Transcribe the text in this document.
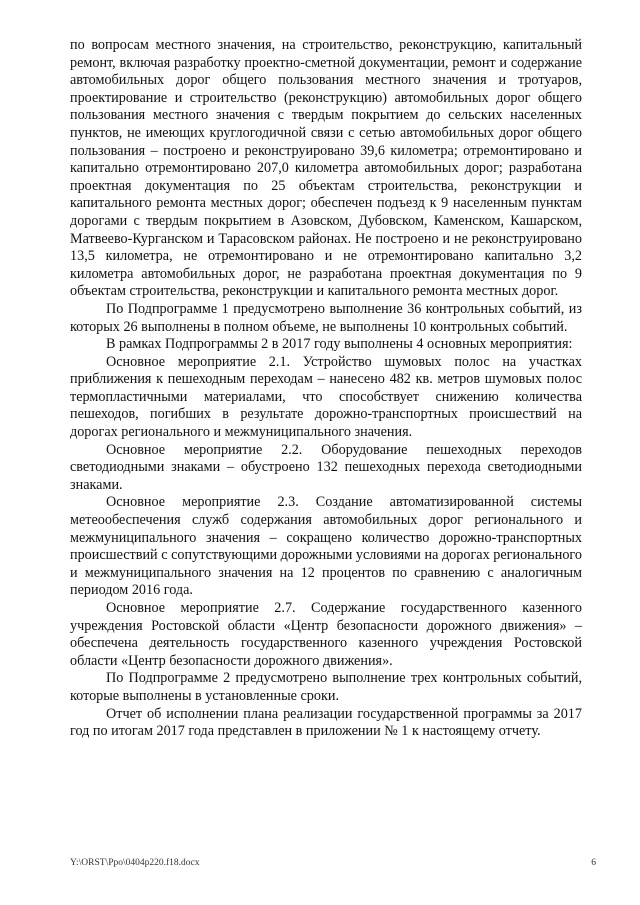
по вопросам местного значения, на строительство, реконструкцию, капитальный ремонт, включая разработку проектно-сметной документации, ремонт и содержание автомобильных дорог общего пользования местного значения и тротуаров, проектирование и строительство (реконструкцию) автомобильных дорог общего пользования местного значения с твердым покрытием до сельских населенных пунктов, не имеющих круглогодичной связи с сетью автомобильных дорог общего пользования – построено и реконструировано 39,6 километра; отремонтировано и капитально отремонтировано 207,0 километра автомобильных дорог; разработана проектная документация по 25 объектам строительства, реконструкции и капитального ремонта местных дорог; обеспечен подъезд к 9 населенным пунктам дорогами с твердым покрытием в Азовском, Дубовском, Каменском, Кашарском, Матвеево-Курганском и Тарасовском районах. Не построено и не реконструировано 13,5 километра, не отремонтировано и не отремонтировано капитально 3,2 километра автомобильных дорог, не разработана проектная документация по 9 объектам строительства, реконструкции и капитального ремонта местных дорог.

По Подпрограмме 1 предусмотрено выполнение 36 контрольных событий, из которых 26 выполнены в полном объеме, не выполнены 10 контрольных событий.

В рамках Подпрограммы 2 в 2017 году выполнены 4 основных мероприятия:

Основное мероприятие 2.1. Устройство шумовых полос на участках приближения к пешеходным переходам – нанесено 482 кв. метров шумовых полос термопластичными материалами, что способствует снижению количества пешеходов, погибших в результате дорожно-транспортных происшествий на дорогах регионального и межмуниципального значения.

Основное мероприятие 2.2. Оборудование пешеходных переходов светодиодными знаками – обустроено 132 пешеходных перехода светодиодными знаками.

Основное мероприятие 2.3. Создание автоматизированной системы метеообеспечения служб содержания автомобильных дорог регионального и межмуниципального значения – сокращено количество дорожно-транспортных происшествий с сопутствующими дорожными условиями на дорогах регионального и межмуниципального значения на 12 процентов по сравнению с аналогичным периодом 2016 года.

Основное мероприятие 2.7. Содержание государственного казенного учреждения Ростовской области «Центр безопасности дорожного движения» – обеспечена деятельность государственного казенного учреждения Ростовской области «Центр безопасности дорожного движения».

По Подпрограмме 2 предусмотрено выполнение трех контрольных событий, которые выполнены в установленные сроки.

Отчет об исполнении плана реализации государственной программы за 2017 год по итогам 2017 года представлен в приложении № 1 к настоящему отчету.

Y:\ORST\Ppo\0404p220.f18.docx	6
